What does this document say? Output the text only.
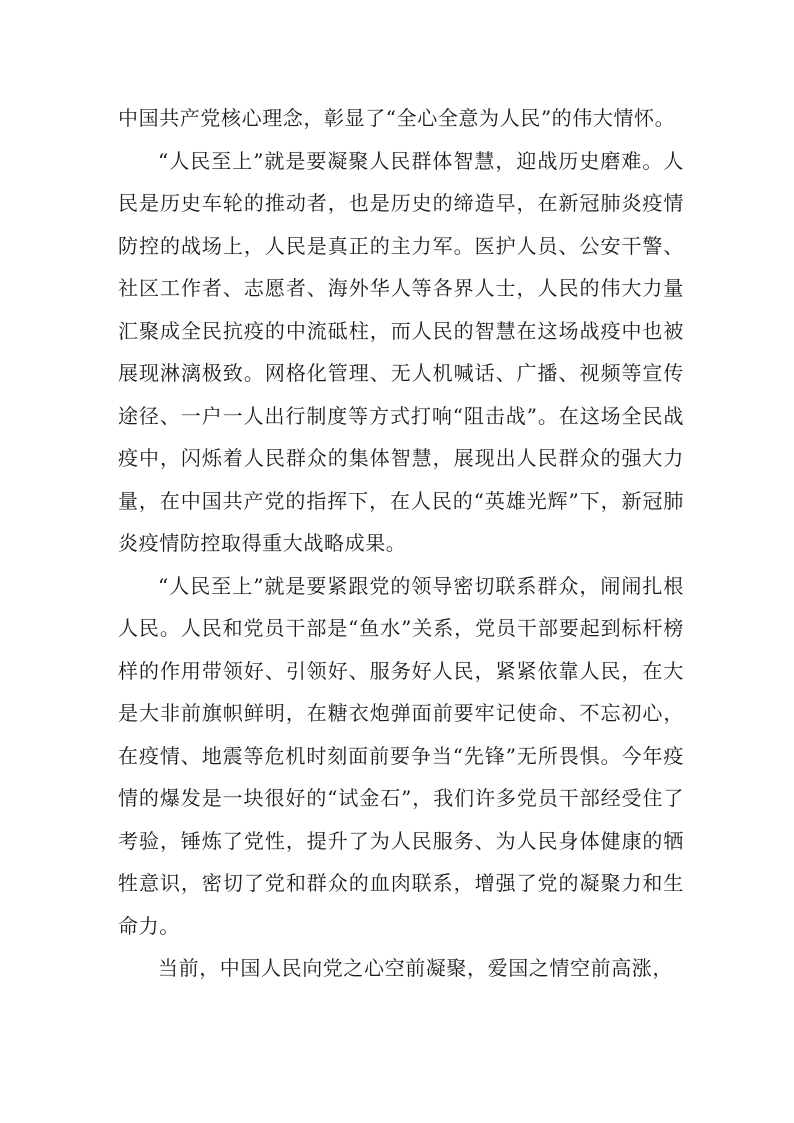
中国共产党核心理念，彰显了“全心全意为人民”的伟大情怀。

“人民至上”就是要凝聚人民群体智慧，迎战历史磨难。人民是历史车轮的推动者，也是历史的缔造早，在新冠肺炎疫情防控的战场上，人民是真正的主力军。医护人员、公安干警、社区工作者、志愿者、海外华人等各界人士，人民的伟大力量汇聚成全民抗疫的中流砥柱，而人民的智慧在这场战疫中也被展现淋漓极致。网格化管理、无人机喊话、广播、视频等宣传途径、一户一人出行制度等方式打响“阻击战”。在这场全民战疫中，闪烁着人民群众的集体智慧，展现出人民群众的强大力量，在中国共产党的指挥下，在人民的“英雄光辉”下，新冠肺炎疫情防控取得重大战略成果。

“人民至上”就是要紧跟党的领导密切联系群众，闹闹扎根人民。人民和党员干部是“鱼水”关系，党员干部要起到标杆榜样的作用带领好、引领好、服务好人民，紧紧依靠人民，在大是大非前旗帜鲜明，在糖衣炮弹面前要牢记使命、不忘初心，在疫情、地震等危机时刻面前要争当“先锋”无所畏惧。今年疫情的爆发是一块很好的“试金石”，我们许多党员干部经受住了考验，锤炼了党性，提升了为人民服务、为人民身体健康的牺牲意识，密切了党和群众的血肉联系，增强了党的凝聚力和生命力。

当前，中国人民向党之心空前凝聚，爱国之情空前高涨，
